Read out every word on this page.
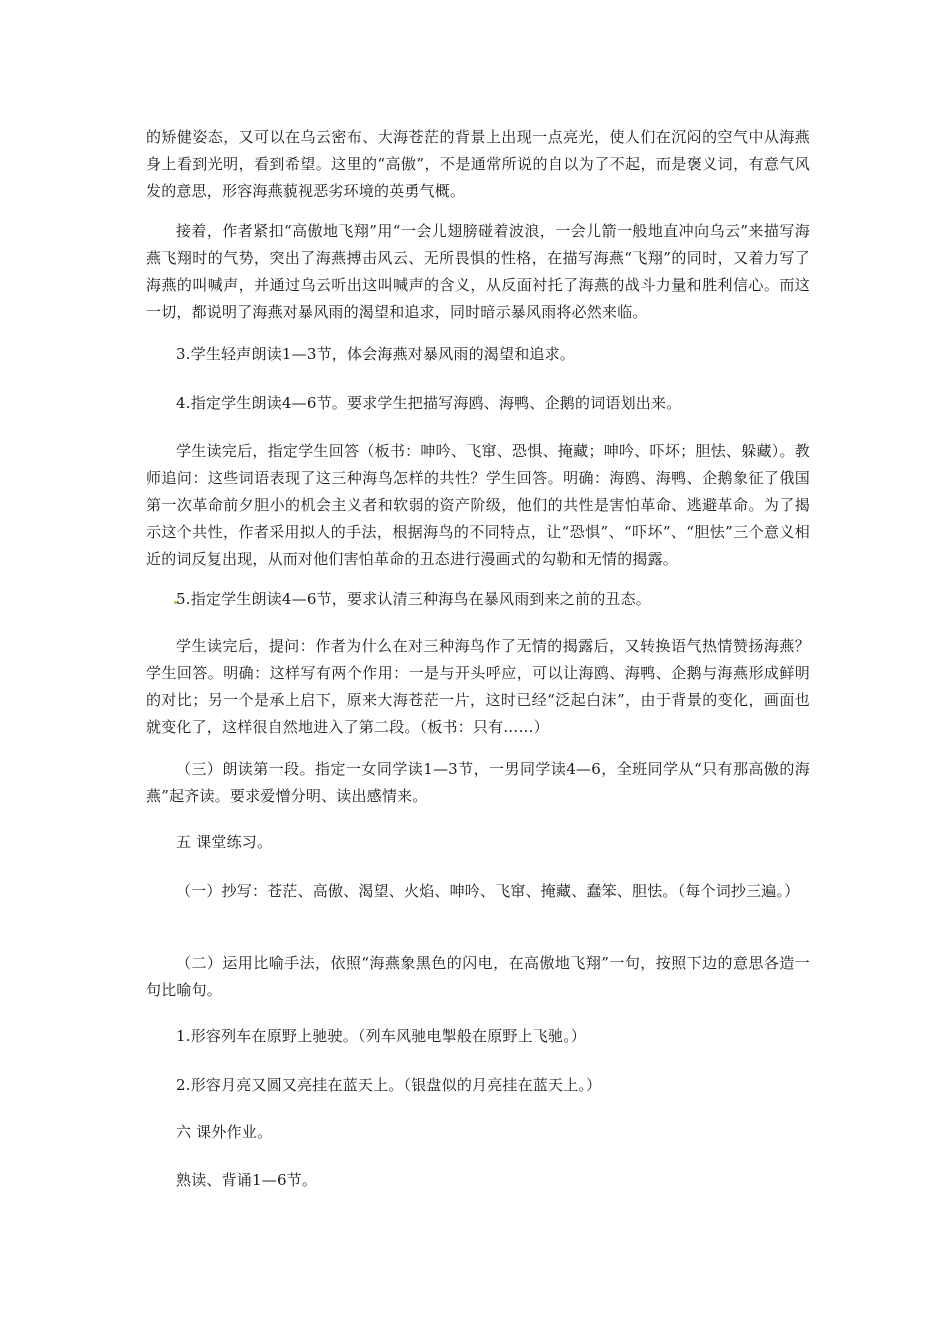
的矫健姿态，又可以在乌云密布、大海苍茫的背景上出现一点亮光，使人们在沉闷的空气中从海燕身上看到光明，看到希望。这里的“高傲”，不是通常所说的自以为了不起，而是褒义词，有意气风发的意思，形容海燕藐视恶劣环境的英勇气概。

接着，作者紧扣“高傲地飞翔”用“一会儿翅膀碰着波浪，一会儿箭一般地直冲向乌云”来描写海燕飞翔时的气势，突出了海燕搏击风云、无所畏惧的性格，在描写海燕“飞翔”的同时，又着力写了海燕的叫喊声，并通过乌云听出这叫喊声的含义，从反面衬托了海燕的战斗力量和胜利信心。而这一切，都说明了海燕对暴风雨的渴望和追求，同时暗示暴风雨将必然来临。

3.学生轻声朗读1—3节，体会海燕对暴风雨的渴望和追求。

4.指定学生朗读4—6节。要求学生把描写海鸥、海鸭、企鹅的词语划出来。

学生读完后，指定学生回答（板书：呻吟、飞窜、恐惧、掩藏；呻吟、吓坏；胆怯、躲藏）。教师追问：这些词语表现了这三种海鸟怎样的共性？学生回答。明确：海鸥、海鸭、企鹅象征了俄国第一次革命前夕胆小的机会主义者和软弱的资产阶级，他们的共性是害怕革命、逃避革命。为了揭示这个共性，作者采用拟人的手法，根据海鸟的不同特点，让“恐惧”、“吓坏”、“胆怯”三个意义相近的词反复出现，从而对他们害怕革命的丑态进行漫画式的勾勒和无情的揭露。

5.指定学生朗读4—6节，要求认清三种海鸟在暴风雨到来之前的丑态。

学生读完后，提问：作者为什么在对三种海鸟作了无情的揭露后，又转换语气热情赞扬海燕？学生回答。明确：这样写有两个作用：一是与开头呼应，可以让海鸥、海鸭、企鹅与海燕形成鲜明的对比；另一个是承上启下，原来大海苍茫一片，这时已经“泛起白沫”，由于背景的变化，画面也就变化了，这样很自然地进入了第二段。（板书：只有……）

（三）朗读第一段。指定一女同学读1—3节，一男同学读4—6，全班同学从“只有那高傲的海燕”起齐读。要求爱憎分明、读出感情来。

五 课堂练习。

（一）抄写：苍茫、高傲、渴望、火焰、呻吟、飞窜、掩藏、蠢笨、胆怯。（每个词抄三遍。）

（二）运用比喻手法，依照“海燕象黑色的闪电，在高傲地飞翔”一句，按照下边的意思各造一句比喻句。

1.形容列车在原野上驰驶。（列车风驰电掣般在原野上飞驰。）

2.形容月亮又圆又亮挂在蓝天上。（银盘似的月亮挂在蓝天上。）

六 课外作业。

熟读、背诵1—6节。
